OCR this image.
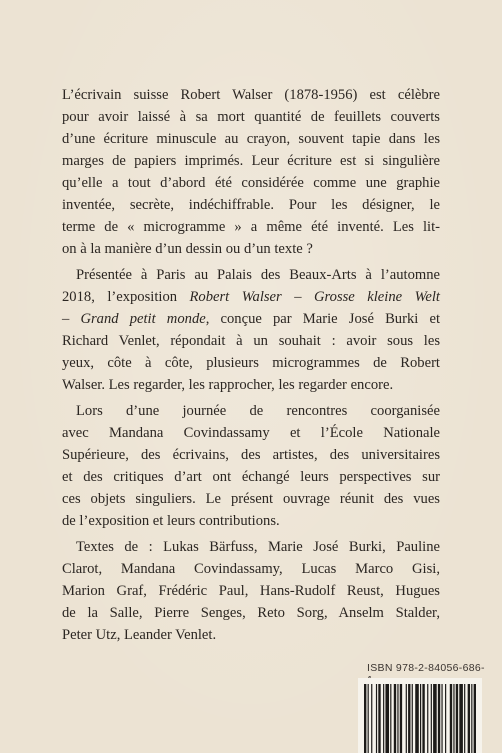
L’écrivain suisse Robert Walser (1878-1956) est célèbre
pour avoir laissé à sa mort quantité de feuillets couverts
d’une écriture minuscule au crayon, souvent tapie dans les
marges de papiers imprimés. Leur écriture est si singulière
qu’elle a tout d’abord été considérée comme une graphie
inventée, secrète, indéchiffrable. Pour les désigner, le
terme de « microgramme » a même été inventé. Les lit-
on à la manière d’un dessin ou d’un texte ?
Présentée à Paris au Palais des Beaux-Arts à l’automne
2018, l’exposition Robert Walser – Grosse kleine Welt
– Grand petit monde, conçue par Marie José Burki et
Richard Venlet, répondait à un souhait : avoir sous les
yeux, côte à côte, plusieurs microgrammes de Robert
Walser. Les regarder, les rapprocher, les regarder encore.
Lors d’une journée de rencontres coorganisée
avec Mandana Covindassamy et l’École Nationale
Supérieure, des écrivains, des artistes, des universitaires
et des critiques d’art ont échangé leurs perspectives sur
ces objets singuliers. Le présent ouvrage réunit des vues
de l’exposition et leurs contributions.
Textes de : Lukas Bärfuss, Marie José Burki, Pauline
Clarot, Mandana Covindassamy, Lucas Marco Gisi,
Marion Graf, Frédéric Paul, Hans-Rudolf Reust, Hugues
de la Salle, Pierre Senges, Reto Sorg, Anselm Stalder,
Peter Utz, Leander Venlet.
ISBN 978-2-84056-686-
